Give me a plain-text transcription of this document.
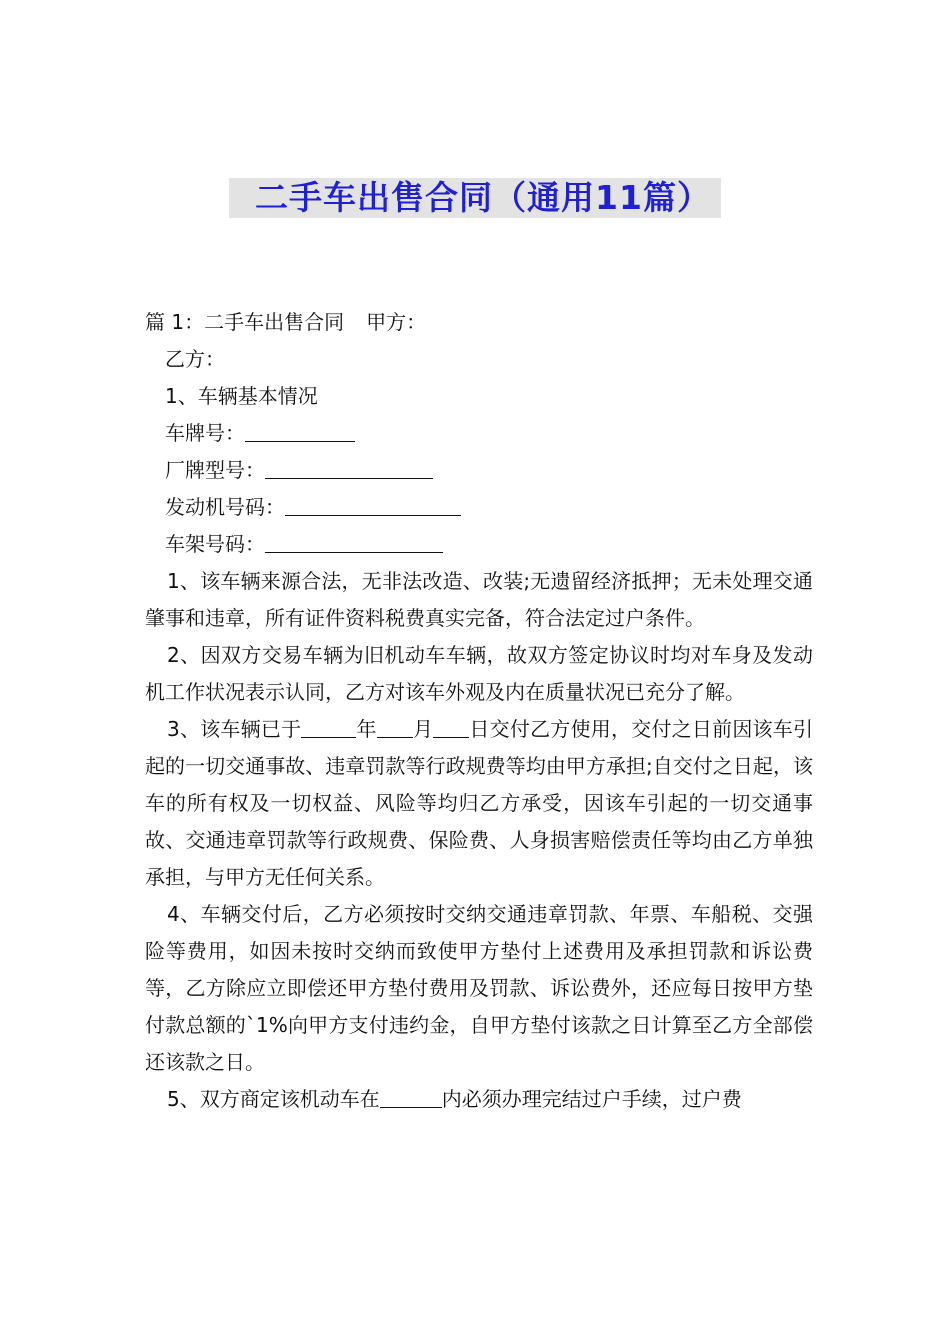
二手车出售合同（通用11篇）
篇 1：二手车出售合同 甲方：
乙方：
1、车辆基本情况
车牌号：
厂牌型号：
发动机号码：
车架号码：

1、该车辆来源合法，无非法改造、改装;无遗留经济抵押；无未处理交通肇事和违章，所有证件资料税费真实完备，符合法定过户条件。

2、因双方交易车辆为旧机动车车辆，故双方签定协议时均对车身及发动机工作状况表示认同，乙方对该车外观及内在质量状况已充分了解。

3、该车辆已于	年 月 日交付乙方使用，交付之日前因该车引起的一切交通事故、违章罚款等行政规费等均由甲方承担;自交付之日起，该车的所有权及一切权益、风险等均归乙方承受，因该车引起的一切交通事故、交通违章罚款等行政规费、保险费、人身损害赔偿责任等均由乙方单独承担，与甲方无任何关系。

4、车辆交付后，乙方必须按时交纳交通违章罚款、年票、车船税、交强险等费用，如因未按时交纳而致使甲方垫付上述费用及承担罚款和诉讼费等，乙方除应立即偿还甲方垫付费用及罚款、诉讼费外，还应每日按甲方垫付款总额的`1%向甲方支付违约金，自甲方垫付该款之日计算至乙方全部偿还该款之日。

5、双方商定该机动车在	内必须办理完结过户手续，过户费
